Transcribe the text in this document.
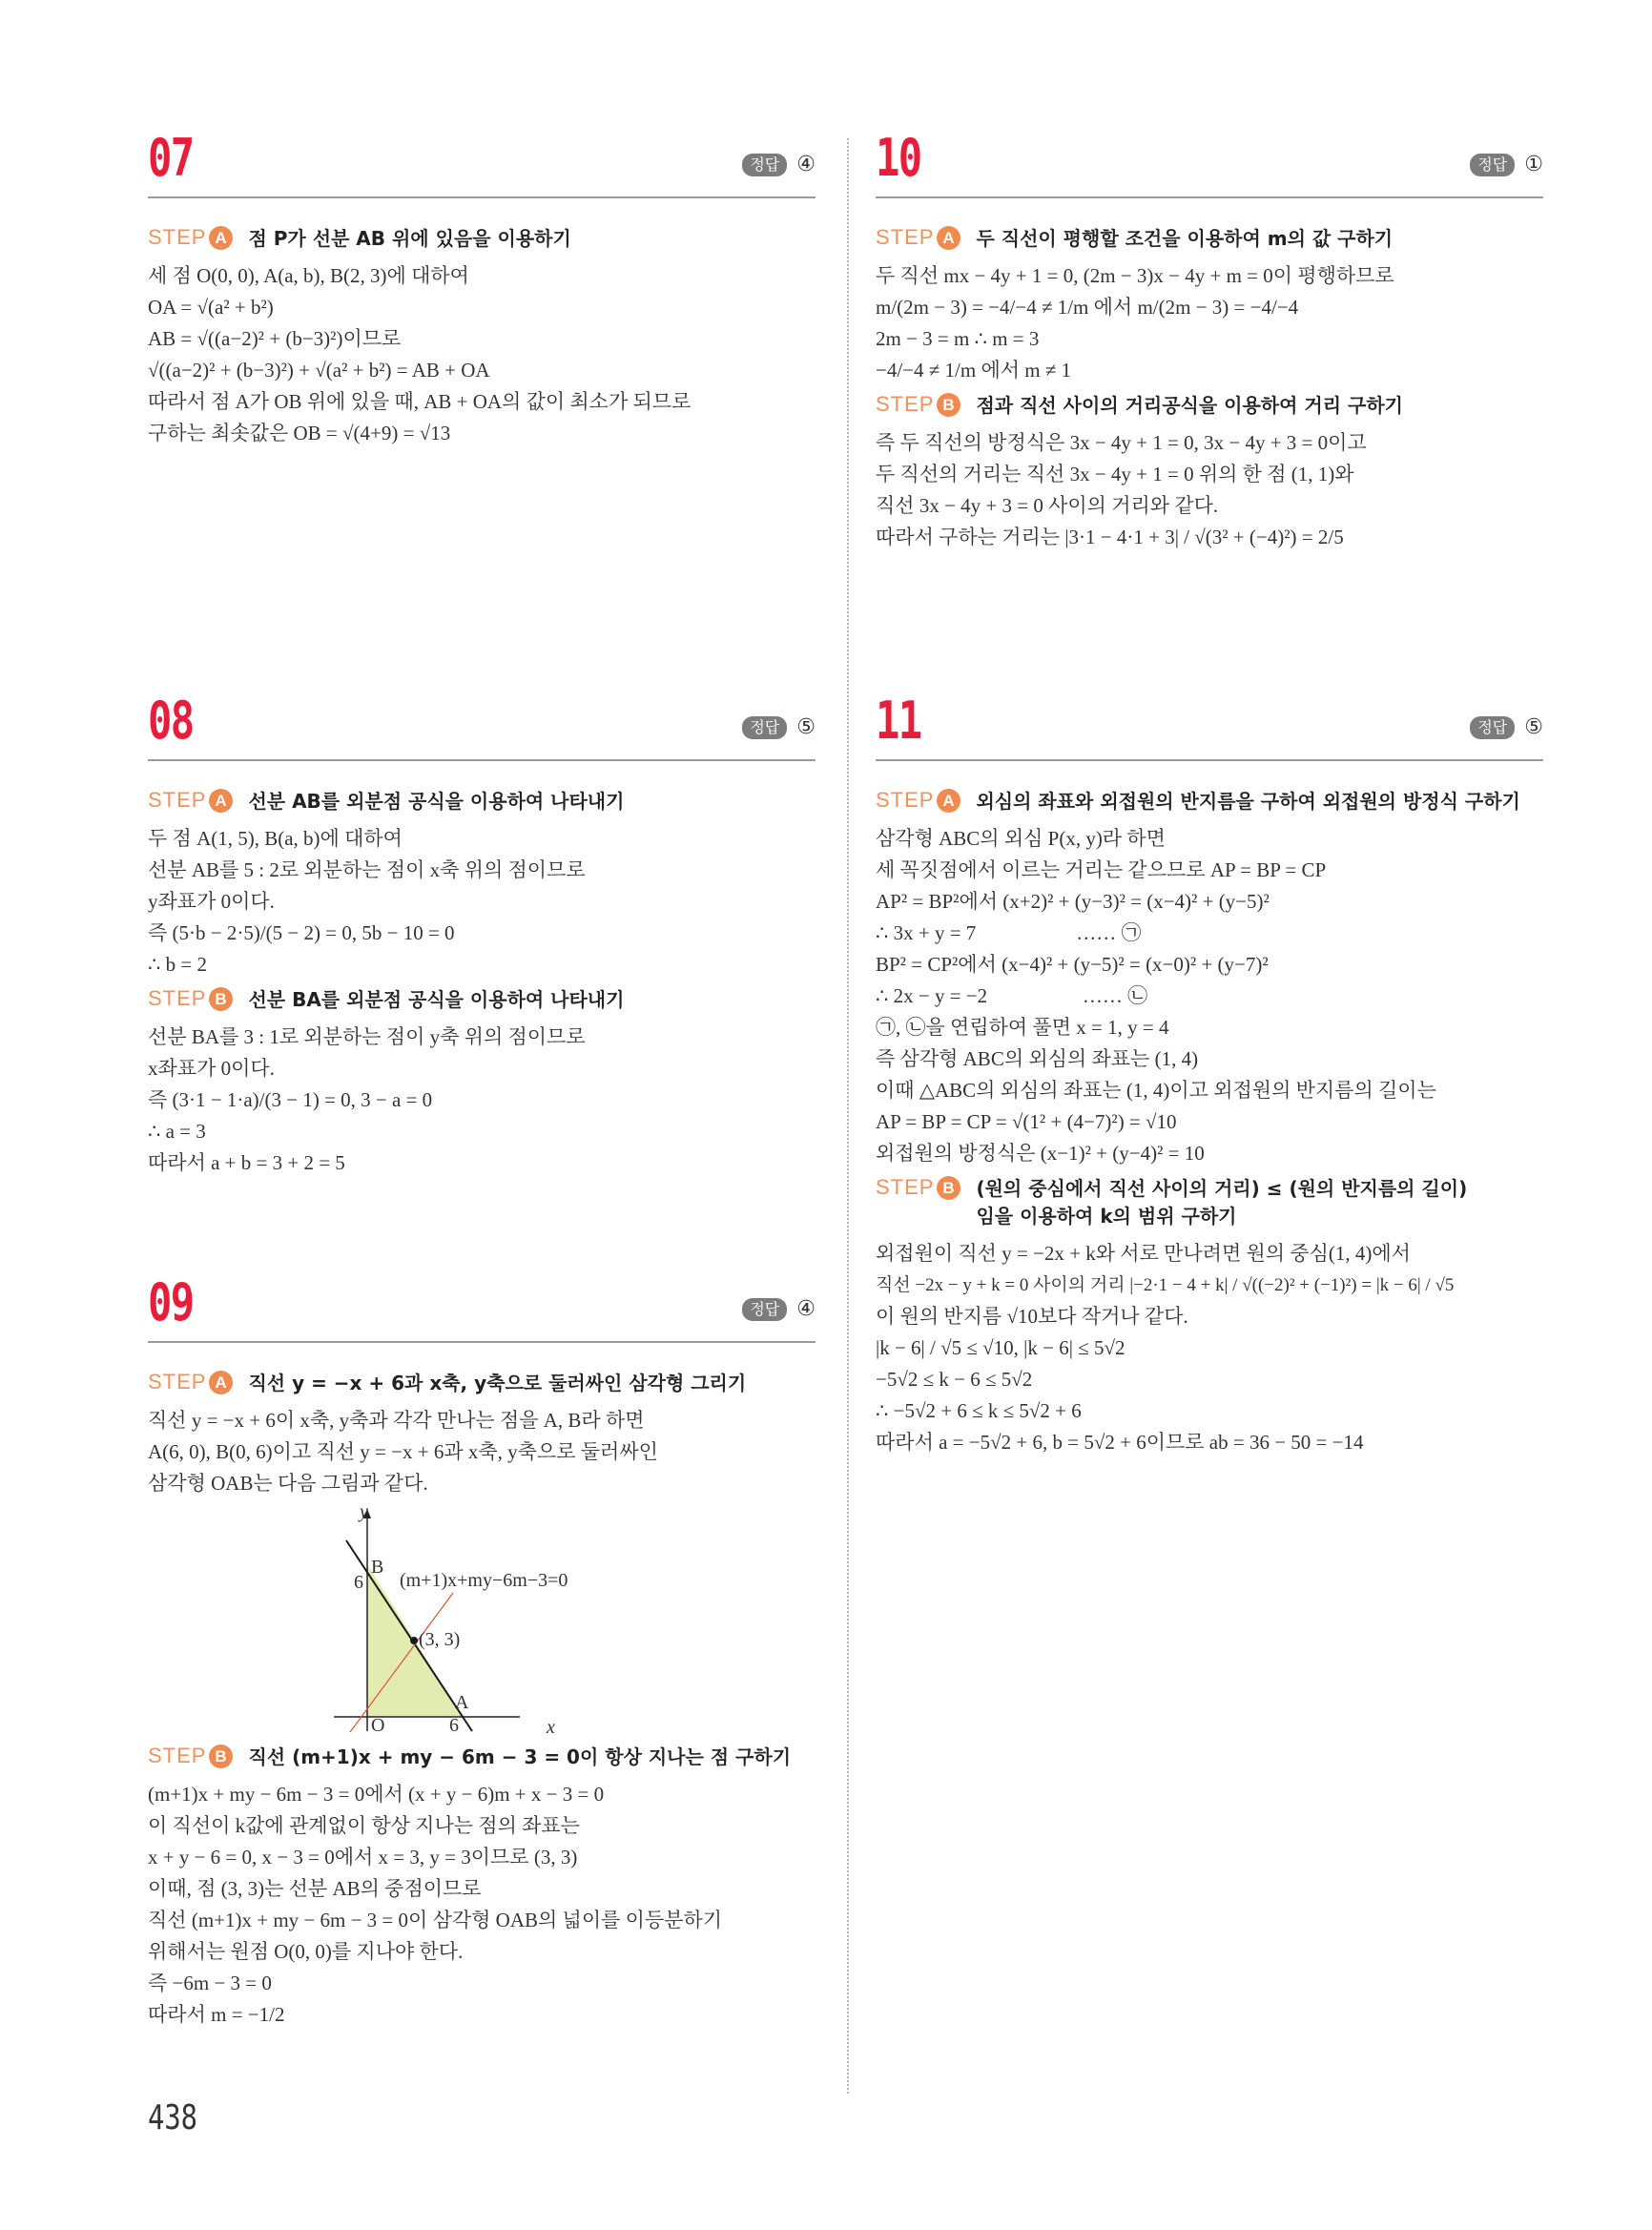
07	정답 ④
STEP A 점 P가 선분 AB 위에 있음을 이용하기
세 점 O(0, 0), A(a, b), B(2, 3)에 대하여
OA = √(a² + b²)
AB = √((a−2)² + (b−3)²)이므로
√((a−2)² + (b−3)²) + √(a² + b²) = AB + OA
따라서 점 A가 OB 위에 있을 때, AB + OA의 값이 최소가 되므로
구하는 최솟값은 OB = √(4+9) = √13
08	정답 ⑤
STEP A 선분 AB를 외분점 공식을 이용하여 나타내기
두 점 A(1, 5), B(a, b)에 대하여
선분 AB를 5 : 2로 외분하는 점이 x축 위의 점이므로
y좌표가 0이다.
즉 (5·b − 2·5)/(5 − 2) = 0, 5b − 10 = 0
∴ b = 2
STEP B 선분 BA를 외분점 공식을 이용하여 나타내기
선분 BA를 3 : 1로 외분하는 점이 y축 위의 점이므로
x좌표가 0이다.
즉 (3·1 − 1·a)/(3 − 1) = 0, 3 − a = 0
∴ a = 3
따라서 a + b = 3 + 2 = 5
09	정답 ④
STEP A 직선 y = −x + 6과 x축, y축으로 둘러싸인 삼각형 그리기
직선 y = −x + 6이 x축, y축과 각각 만나는 점을 A, B라 하면
A(6, 0), B(0, 6)이고 직선 y = −x + 6과 x축, y축으로 둘러싸인
삼각형 OAB는 다음 그림과 같다.
y
x
O
6
6
B
A
(m+1)x+my−6m−3=0
(3, 3)
STEP B 직선 (m+1)x + my − 6m − 3 = 0이 항상 지나는 점 구하기
(m+1)x + my − 6m − 3 = 0에서 (x + y − 6)m + x − 3 = 0
이 직선이 k값에 관계없이 항상 지나는 점의 좌표는
x + y − 6 = 0, x − 3 = 0에서 x = 3, y = 3이므로 (3, 3)
이때, 점 (3, 3)는 선분 AB의 중점이므로
직선 (m+1)x + my − 6m − 3 = 0이 삼각형 OAB의 넓이를 이등분하기
위해서는 원점 O(0, 0)를 지나야 한다.
즉 −6m − 3 = 0
따라서 m = −1/2
10	정답 ①
STEP A 두 직선이 평행할 조건을 이용하여 m의 값 구하기
두 직선 mx − 4y + 1 = 0, (2m − 3)x − 4y + m = 0이 평행하므로
m/(2m − 3) = −4/−4 ≠ 1/m 에서 m/(2m − 3) = −4/−4
2m − 3 = m ∴ m = 3
−4/−4 ≠ 1/m 에서 m ≠ 1
STEP B 점과 직선 사이의 거리공식을 이용하여 거리 구하기
즉 두 직선의 방정식은 3x − 4y + 1 = 0, 3x − 4y + 3 = 0이고
두 직선의 거리는 직선 3x − 4y + 1 = 0 위의 한 점 (1, 1)와
직선 3x − 4y + 3 = 0 사이의 거리와 같다.
따라서 구하는 거리는 |3·1 − 4·1 + 3| / √(3² + (−4)²) = 2/5
11	정답 ⑤
STEP A 외심의 좌표와 외접원의 반지름을 구하여 외접원의 방정식 구하기
삼각형 ABC의 외심 P(x, y)라 하면
세 꼭짓점에서 이르는 거리는 같으므로 AP = BP = CP
AP² = BP²에서 (x+2)² + (y−3)² = (x−4)² + (y−5)²
∴ 3x + y = 7                    …… ㉠
BP² = CP²에서 (x−4)² + (y−5)² = (x−0)² + (y−7)²
∴ 2x − y = −2                   …… ㉡
㉠, ㉡을 연립하여 풀면 x = 1, y = 4
즉 삼각형 ABC의 외심의 좌표는 (1, 4)
이때 △ABC의 외심의 좌표는 (1, 4)이고 외접원의 반지름의 길이는
AP = BP = CP = √(1² + (4−7)²) = √10
외접원의 방정식은 (x−1)² + (y−4)² = 10
STEP B (원의 중심에서 직선 사이의 거리) ≤ (원의 반지름의 길이)임을 이용하여 k의 범위 구하기
외접원이 직선 y = −2x + k와 서로 만나려면 원의 중심(1, 4)에서
직선 −2x − y + k = 0 사이의 거리 |−2·1 − 4 + k| / √((−2)² + (−1)²) = |k − 6| / √5
이 원의 반지름 √10보다 작거나 같다.
|k − 6| / √5 ≤ √10, |k − 6| ≤ 5√2
−5√2 ≤ k − 6 ≤ 5√2
∴ −5√2 + 6 ≤ k ≤ 5√2 + 6
따라서 a = −5√2 + 6, b = 5√2 + 6이므로 ab = 36 − 50 = −14
438
